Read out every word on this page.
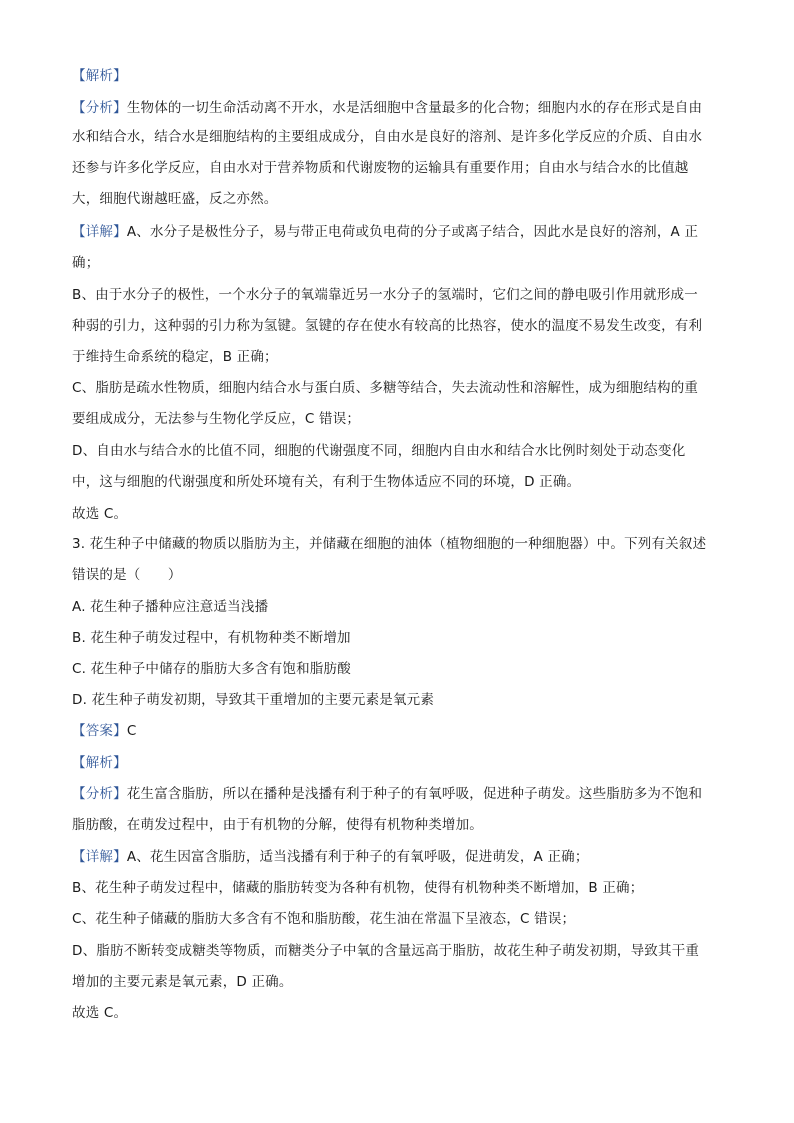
【解析】
【分析】生物体的一切生命活动离不开水，水是活细胞中含量最多的化合物；细胞内水的存在形式是自由
水和结合水，结合水是细胞结构的主要组成成分，自由水是良好的溶剂、是许多化学反应的介质、自由水
还参与许多化学反应，自由水对于营养物质和代谢废物的运输具有重要作用；自由水与结合水的比值越
大，细胞代谢越旺盛，反之亦然。
【详解】A、水分子是极性分子，易与带正电荷或负电荷的分子或离子结合，因此水是良好的溶剂，A 正
确；
B、由于水分子的极性，一个水分子的氧端靠近另一水分子的氢端时，它们之间的静电吸引作用就形成一
种弱的引力，这种弱的引力称为氢键。氢键的存在使水有较高的比热容，使水的温度不易发生改变，有利
于维持生命系统的稳定，B 正确；
C、脂肪是疏水性物质，细胞内结合水与蛋白质、多糖等结合，失去流动性和溶解性，成为细胞结构的重
要组成成分，无法参与生物化学反应，C 错误；
D、自由水与结合水的比值不同，细胞的代谢强度不同，细胞内自由水和结合水比例时刻处于动态变化
中，这与细胞的代谢强度和所处环境有关，有利于生物体适应不同的环境，D 正确。
故选 C。
3. 花生种子中储藏的物质以脂肪为主，并储藏在细胞的油体（植物细胞的一种细胞器）中。下列有关叙述
错误的是（　　）
A. 花生种子播种应注意适当浅播
B. 花生种子萌发过程中，有机物种类不断增加
C. 花生种子中储存的脂肪大多含有饱和脂肪酸
D. 花生种子萌发初期，导致其干重增加的主要元素是氧元素
【答案】C
【解析】
【分析】花生富含脂肪，所以在播种是浅播有利于种子的有氧呼吸，促进种子萌发。这些脂肪多为不饱和
脂肪酸，在萌发过程中，由于有机物的分解，使得有机物种类增加。
【详解】A、花生因富含脂肪，适当浅播有利于种子的有氧呼吸，促进萌发，A 正确；
B、花生种子萌发过程中，储藏的脂肪转变为各种有机物，使得有机物种类不断增加，B 正确；
C、花生种子储藏的脂肪大多含有不饱和脂肪酸，花生油在常温下呈液态，C 错误；
D、脂肪不断转变成糖类等物质，而糖类分子中氧的含量远高于脂肪，故花生种子萌发初期，导致其干重
增加的主要元素是氧元素，D 正确。
故选 C。
